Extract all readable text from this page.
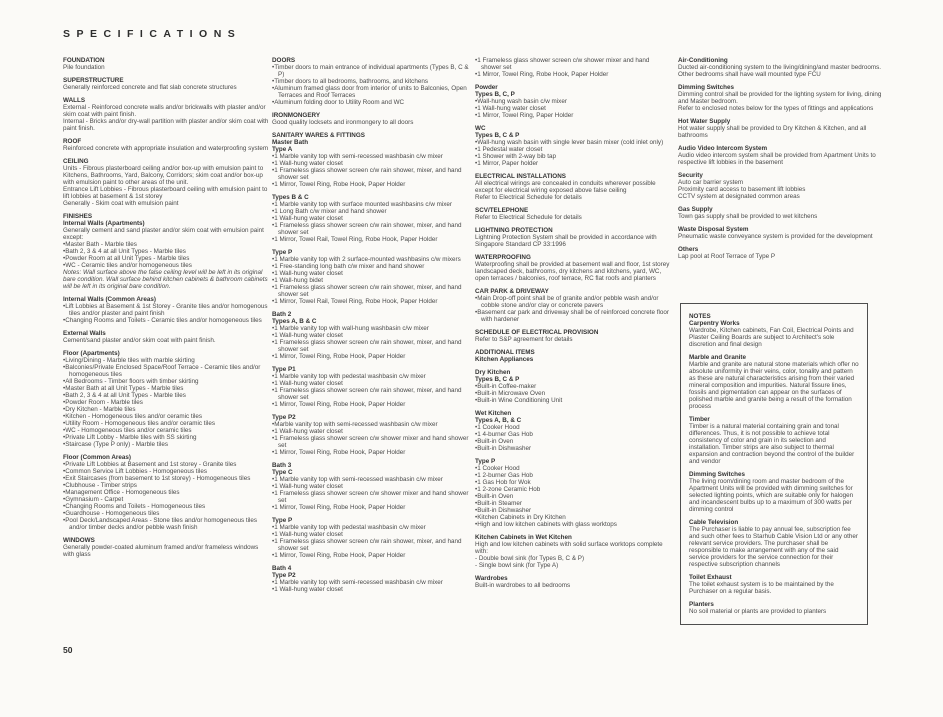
SPECIFICATIONS
FOUNDATION
Pile foundation
SUPERSTRUCTURE
Generally reinforced concrete and flat slab concrete structures
WALLS
External - Reinforced concrete walls and/or brickwalls with plaster and/or skim coat with paint finish.
Internal - Bricks and/or dry-wall partition with plaster and/or skim coat with paint finish.
ROOF
Reinforced concrete with appropriate insulation and waterproofing system
CEILING
Units - Fibrous plasterboard ceiling and/or box-up with emulsion paint to Kitchens, Bathrooms, Yard, Balcony, Corridors; skim coat and/or box-up with emulsion paint to other areas of the unit.
Entrance Lift Lobbies - Fibrous plasterboard ceiling with emulsion paint to lift lobbies at basement & 1st storey
Generally - Skim coat with emulsion paint
FINISHES
Internal Walls (Apartments)
Generally cement and sand plaster and/or skim coat with emulsion paint except:
• Master Bath - Marble tiles
• Bath 2, 3 & 4 at all Unit Types - Marble tiles
• Powder Room at all Unit Types - Marble tiles
• WC - Ceramic tiles and/or homogeneous tiles
Notes: Wall surface above the false ceiling level will be left in its original bare condition. Wall surface behind kitchen cabinets & bathroom cabinets will be left in its original bare condition.
Internal Walls (Common Areas)
• Lift Lobbies at Basement & 1st Storey - Granite tiles and/or homogenous tiles and/or plaster and paint finish
• Changing Rooms and Toilets - Ceramic tiles and/or homogeneous tiles
External Walls
Cement/sand plaster and/or skim coat with paint finish.
Floor (Apartments)
• Living/Dining - Marble tiles with marble skirting
• Balconies/Private Enclosed Space/Roof Terrace - Ceramic tiles and/or homogeneous tiles
• All Bedrooms - Timber floors with timber skirting
• Master Bath at all Unit Types - Marble tiles
• Bath 2, 3 & 4 at all Unit Types - Marble tiles
• Powder Room - Marble tiles
• Dry Kitchen - Marble tiles
• Kitchen - Homogeneous tiles and/or ceramic tiles
• Utility Room - Homogeneous tiles and/or ceramic tiles
• WC - Homogeneous tiles and/or ceramic tiles
• Private Lift Lobby - Marble tiles with SS skirting
• Staircase (Type P only) - Marble tiles
Floor (Common Areas)
• Private Lift Lobbies at Basement and 1st storey - Granite tiles
• Common Service Lift Lobbies - Homogeneous tiles
• Exit Staircases (from basement to 1st storey) - Homogeneous tiles
• Clubhouse - Timber strips
• Management Office - Homogeneous tiles
• Gymnasium - Carpet
• Changing Rooms and Toilets - Homogeneous tiles
• Guardhouse - Homogeneous tiles
• Pool Deck/Landscaped Areas - Stone tiles and/or homogeneous tiles and/or timber decks and/or pebble wash finish
WINDOWS
Generally powder-coated aluminum framed and/or frameless windows with glass
DOORS
• Timber doors to main entrance of individual apartments (Types B, C & P)
• Timber doors to all bedrooms, bathrooms, and kitchens
• Aluminum framed glass door from interior of units to Balconies, Open Terraces and Roof Terraces
• Aluminum folding door to Utility Room and WC
IRONMONGERY
Good quality locksets and ironmongery to all doors
SANITARY WARES & FITTINGS
Master Bath
Type A
• 1 Marble vanity top with semi-recessed washbasin c/w mixer
• 1 Wall-hung water closet
• 1 Frameless glass shower screen c/w rain shower, mixer, and hand shower set
• 1 Mirror, Towel Ring, Robe Hook, Paper Holder
Types B & C
• 1 Marble vanity top with surface mounted washbasins c/w mixer
• 1 Long Bath c/w mixer and hand shower
• 1 Wall-hung water closet
• 1 Frameless glass shower screen c/w rain shower, mixer, and hand shower set
• 1 Mirror, Towel Rail, Towel Ring, Robe Hook, Paper Holder
Type P
• 1 Marble vanity top with 2 surface-mounted washbasins c/w mixers
• 1 Free-standing long bath c/w mixer and hand shower
• 1 Wall-hung water closet
• 1 Wall-hung bidet
• 1 Frameless glass shower screen c/w rain shower, mixer, and hand shower set
• 1 Mirror, Towel Rail, Towel Ring, Robe Hook, Paper Holder
Bath 2
Types A, B & C
• 1 Marble vanity top with wall-hung washbasin c/w mixer
• 1 Wall-hung water closet
• 1 Frameless glass shower screen c/w rain shower, mixer, and hand shower set
• 1 Mirror, Towel Ring, Robe Hook, Paper Holder
Type P1
• 1 Marble vanity top with pedestal washbasin c/w mixer
• 1 Wall-hung water closet
• 1 Frameless glass shower screen c/w rain shower, mixer, and hand shower set
• 1 Mirror, Towel Ring, Robe Hook, Paper Holder
Type P2
• Marble vanity top with semi-recessed washbasin c/w mixer
• 1 Wall-hung water closet
• 1 Frameless glass shower screen c/w shower mixer and hand shower set
• 1 Mirror, Towel Ring, Robe Hook, Paper Holder
Bath 3
Type C
• 1 Marble vanity top with semi-recessed washbasin c/w mixer
• 1 Wall-hung water closet
• 1 Frameless glass shower screen c/w shower mixer and hand shower set
• 1 Mirror, Towel Ring, Robe Hook, Paper Holder
Type P
• 1 Marble vanity top with pedestal washbasin c/w mixer
• 1 Wall-hung water closet
• 1 Frameless glass shower screen c/w rain shower, mixer, and hand shower set
• 1 Mirror, Towel Ring, Robe Hook, Paper Holder
Bath 4
Type P2
• 1 Marble vanity top with semi-recessed washbasin c/w mixer
• 1 Wall-hung water closet
• 1 Frameless glass shower screen c/w shower mixer and hand shower set
• 1 Mirror, Towel Ring, Robe Hook, Paper Holder
Powder
Types B, C, P
• Wall-hung wash basin c/w mixer
• 1 Wall-hung water closet
• 1 Mirror, Towel Ring, Paper Holder
WC
Types B, C & P
• Wall-hung wash basin with single lever basin mixer (cold inlet only)
• 1 Pedestal water closet
• 1 Shower with 2-way bib tap
• 1 Mirror, Paper holder
ELECTRICAL INSTALLATIONS
All electrical wirings are concealed in conduits wherever possible except for electrical wiring exposed above false ceiling
Refer to Electrical Schedule for details
SCV/TELEPHONE
Refer to Electrical Schedule for details
LIGHTNING PROTECTION
Lightning Protection System shall be provided in accordance with Singapore Standard CP 33:1996
WATERPROOFING
Waterproofing shall be provided at basement wall and floor, 1st storey landscaped deck, bathrooms, dry kitchens and kitchens, yard, WC, open terraces / balconies, roof terrace, RC flat roofs and planters
CAR PARK & DRIVEWAY
• Main Drop-off point shall be of granite and/or pebble wash and/or cobble stone and/or clay or concrete pavers
• Basement car park and driveway shall be of reinforced concrete floor with hardener
SCHEDULE OF ELECTRICAL PROVISION
Refer to S&P agreement for details
ADDITIONAL ITEMS
Kitchen Appliances
Dry Kitchen
Types B, C & P
• Built-in Coffee-maker
• Built-in Microwave Oven
• Built-in Wine Conditioning Unit
Wet Kitchen
Types A, B, & C
• 1 Cooker Hood
• 1 4-burner Gas Hob
• Built-in Oven
• Built-in Dishwasher
Type P
• 1 Cooker Hood
• 1 2-burner Gas Hob
• 1 Gas Hob for Wok
• 1 2-zone Ceramic Hob
• Built-in Oven
• Built-in Steamer
• Built-in Dishwasher
• Kitchen Cabinets in Dry Kitchen
• High and low kitchen cabinets with glass worktops
Kitchen Cabinets in Wet Kitchen
High and low kitchen cabinets with solid surface worktops complete with:
- Double bowl sink (for Types B, C & P)
- Single bowl sink (for Type A)
Wardrobes
Built-in wardrobes to all bedrooms
Air-Conditioning
Ducted air-conditioning system to the living/dining/and master bedrooms. Other bedrooms shall have wall mounted type FCU
Dimming Switches
Dimming control shall be provided for the lighting system for living, dining and Master bedroom.
Refer to enclosed notes below for the types of fittings and applications
Hot Water Supply
Hot water supply shall be provided to Dry Kitchen & Kitchen, and all bathrooms
Audio Video Intercom System
Audio video intercom system shall be provided from Apartment Units to respective lift lobbies in the basement
Security
Auto car barrier system
Proximity card access to basement lift lobbies
CCTV system at designated common areas
Gas Supply
Town gas supply shall be provided to wet kitchens
Waste Disposal System
Pneumatic waste conveyance system is provided for the development
Others
Lap pool at Roof Terrace of Type P
NOTES
Carpentry Works
Wardrobe, Kitchen cabinets, Fan Coil, Electrical Points and Plaster Ceiling Boards are subject to Architect's sole discretion and final design
Marble and Granite
Marble and granite are natural stone materials which offer no absolute uniformity in their veins, color, tonality and pattern as these are natural characteristics arising from their varied mineral composition and impurities. Natural fissure lines, fossils and pigmentation can appear on the surfaces of polished marble and granite being a result of the formation process
Timber
Timber is a natural material containing grain and tonal differences. Thus, it is not possible to achieve total consistency of color and grain in its selection and installation. Timber strips are also subject to thermal expansion and contraction beyond the control of the builder and vendor
Dimming Switches
The living room/dining room and master bedroom of the Apartment Units will be provided with dimming switches for selected lighting points, which are suitable only for halogen and incandescent bulbs up to a maximum of 300 watts per dimming control
Cable Television
The Purchaser is liable to pay annual fee, subscription fee and such other fees to Starhub Cable Vision Ltd or any other relevant service providers. The purchaser shall be responsible to make arrangement with any of the said service providers for the service connection for their respective subscription channels
Toilet Exhaust
The toilet exhaust system is to be maintained by the Purchaser on a regular basis.
Planters
No soil material or plants are provided to planters
50
